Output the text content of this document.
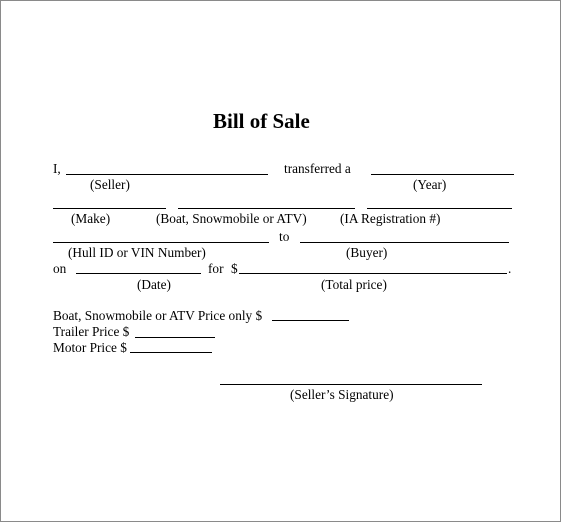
Bill of Sale
I,	transferred a
(Seller)	(Year)
(Make)	(Boat, Snowmobile or ATV)	(IA Registration #)
to
(Hull ID or VIN Number)	(Buyer)
on	for $	.
(Date)	(Total price)
Boat, Snowmobile or ATV Price only $
Trailer Price $
Motor Price $
(Seller’s Signature)
